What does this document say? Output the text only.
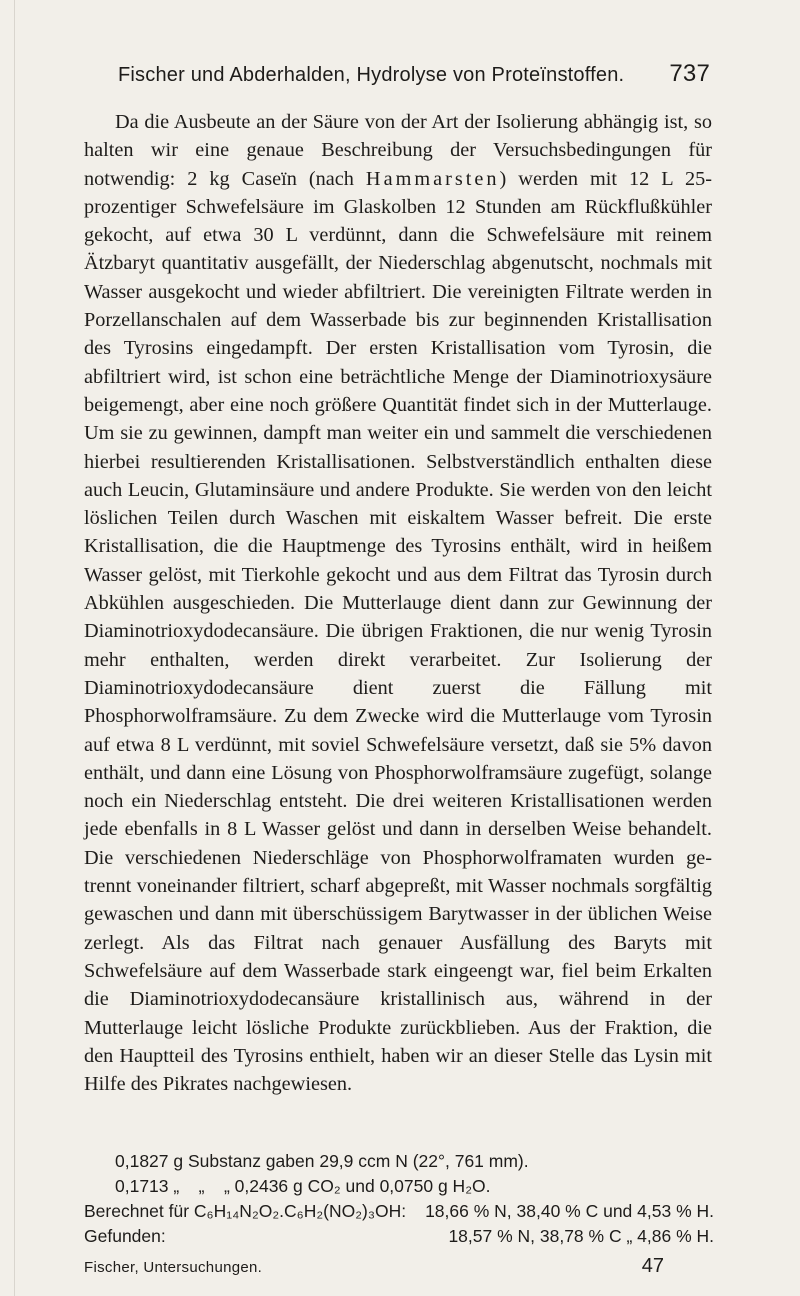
Fischer und Abderhalden, Hydrolyse von Proteïnstoffen. 737

Da die Ausbeute an der Säure von der Art der Isolierung abhängig ist, so halten wir eine genaue Beschreibung der Versuchsbedingungen für notwendig: 2 kg Caseïn (nach Hammarsten) werden mit 12 L 25-prozentiger Schwefelsäure im Glaskolben 12 Stunden am Rückflußkühler gekocht, auf etwa 30 L verdünnt, dann die Schwefelsäure mit reinem Ätzbaryt quantitativ ausgefällt, der Niederschlag abgenutscht, nochmals mit Wasser ausgekocht und wieder abfiltriert. Die vereinigten Filtrate werden in Porzellanschalen auf dem Wasserbade bis zur beginnenden Kristallisation des Tyrosins eingedampft. Der ersten Kristallisation vom Tyrosin, die abfiltriert wird, ist schon eine beträchtliche Menge der Diaminotrioxysäure beigemengt, aber eine noch größere Quantität findet sich in der Mutterlauge. Um sie zu gewinnen, dampft man weiter ein und sammelt die verschiedenen hierbei resultierenden Kristallisationen. Selbstverständlich enthalten diese auch Leucin, Glutaminsäure und andere Produkte. Sie werden von den leicht löslichen Teilen durch Waschen mit eiskaltem Wasser befreit. Die erste Kristallisation, die die Hauptmenge des Tyrosins enthält, wird in heißem Wasser gelöst, mit Tierkohle gekocht und aus dem Filtrat das Tyrosin durch Abkühlen ausgeschieden. Die Mutterlauge dient dann zur Gewinnung der Diaminotrioxydodecansäure. Die übrigen Fraktionen, die nur wenig Tyrosin mehr enthalten, werden direkt verarbeitet. Zur Isolierung der Diaminotrioxydodecansäure dient zuerst die Fällung mit Phosphorwolframsäure. Zu dem Zwecke wird die Mutterlauge vom Tyrosin auf etwa 8 L verdünnt, mit soviel Schwefelsäure versetzt, daß sie 5% davon enthält, und dann eine Lösung von Phosphorwolframsäure zugefügt, solange noch ein Niederschlag entsteht. Die drei weiteren Kristallisationen werden jede ebenfalls in 8 L Wasser gelöst und dann in derselben Weise behandelt. Die verschiedenen Niederschläge von Phosphorwolframaten wurden getrennt voneinander filtriert, scharf abgepreßt, mit Wasser nochmals sorgfältig gewaschen und dann mit überschüssigem Barytwasser in der üblichen Weise zerlegt. Als das Filtrat nach genauer Ausfällung des Baryts mit Schwefelsäure auf dem Wasserbade stark eingeengt war, fiel beim Erkalten die Diaminotrioxydodecansäure kristallinisch aus, während in der Mutterlauge leicht lösliche Produkte zurückblieben. Aus der Fraktion, die den Hauptteil des Tyrosins enthielt, haben wir an dieser Stelle das Lysin mit Hilfe des Pikrates nachgewiesen.

0,1827 g Substanz gaben 29,9 ccm N (22°, 761 mm).
0,1713 „    „    „ 0,2436 g CO₂ und 0,0750 g H₂O.
Berechnet für C₆H₁₄N₂O₂.C₆H₂(NO₂)₃OH: 18,66 % N, 38,40 % C und 4,53 % H.
Gefunden:	18,57 % N, 38,78 % C „ 4,86 % H.
Fischer, Untersuchungen.	47
